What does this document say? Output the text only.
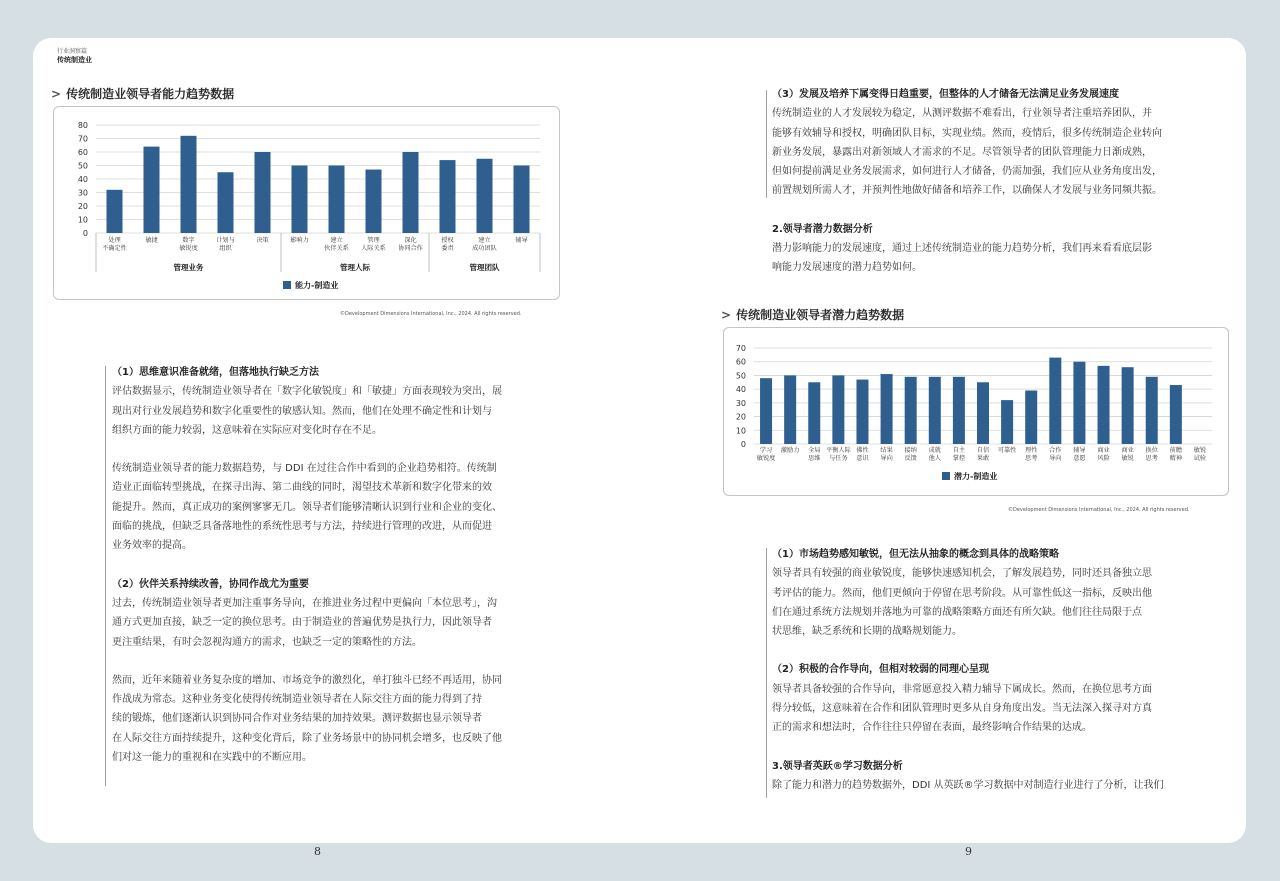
行业洞察篇
传统制造业
> 传统制造业领导者能力趋势数据
0
10
20
30
40
50
60
70
80
处理
不确定性
敏捷	数字
敏锐度
计划与
组织
决策	影响力	建立
伙伴关系
管理
人际关系
深化
协同合作
授权
委责
建立
成功团队
辅导
管理业务	管理人际	管理团队
能力-制造业
©Development Dimensions International, Inc., 2024. All rights reserved.

（1）思维意识准备就绪，但落地执行缺乏方法

评估数据显示，传统制造业领导者在「数字化敏锐度」和「敏捷」方面表现较为突出，展

现出对行业发展趋势和数字化重要性的敏感认知。然而，他们在处理不确定性和计划与

组织方面的能力较弱，这意味着在实际应对变化时存在不足。

传统制造业领导者的能力数据趋势，与 DDI 在过往合作中看到的企业趋势相符。传统制

造业正面临转型挑战，在探寻出海、第二曲线的同时，渴望技术革新和数字化带来的效

能提升。然而，真正成功的案例寥寥无几。领导者们能够清晰认识到行业和企业的变化、

面临的挑战，但缺乏具备落地性的系统性思考与方法，持续进行管理的改进，从而促进

业务效率的提高。

（2）伙伴关系持续改善，协同作战尤为重要

过去，传统制造业领导者更加注重事务导向，在推进业务过程中更偏向「本位思考」，沟

通方式更加直接，缺乏一定的换位思考。由于制造业的普遍优势是执行力，因此领导者

更注重结果，有时会忽视沟通方的需求，也缺乏一定的策略性的方法。

然而，近年来随着业务复杂度的增加、市场竞争的激烈化，单打独斗已经不再适用，协同

作战成为常态。这种业务变化使得传统制造业领导者在人际交往方面的能力得到了持

续的锻炼，他们逐渐认识到协同合作对业务结果的加持效果。测评数据也显示领导者

在人际交往方面持续提升，这种变化背后，除了业务场景中的协同机会增多，也反映了他

们对这一能力的重视和在实践中的不断应用。

8

（3）发展及培养下属变得日趋重要，但整体的人才储备无法满足业务发展速度

传统制造业的人才发展较为稳定，从测评数据不难看出，行业领导者注重培养团队，并

能够有效辅导和授权，明确团队目标，实现业绩。然而，疫情后，很多传统制造企业转向

新业务发展，暴露出对新领域人才需求的不足。尽管领导者的团队管理能力日渐成熟，

但如何提前满足业务发展需求，如何进行人才储备，仍需加强，我们应从业务角度出发，

前置规划所需人才，并预判性地做好储备和培养工作，以确保人才发展与业务同频共振。

2.领导者潜力数据分析

潜力影响能力的发展速度，通过上述传统制造业的能力趋势分析，我们再来看看底层影

响能力发展速度的潜力趋势如何。

> 传统制造业领导者潜力趋势数据
0
10
20
30
40
50
60
70
学习
敏锐度
激励力 全局
思维
平衡人际
与任务
佛性
意识
结果
导向
接纳
反馈
成就
他人
自主
掌控
自信
果敢
可靠性 理性
思考
合作
导向
辅导
意愿
商业
风险
商业
敏锐
换位
思考
前瞻
精神
敏锐
试验
潜力-制造业
©Development Dimensions International, Inc., 2024. All rights reserved.

（1）市场趋势感知敏锐，但无法从抽象的概念到具体的战略策略

领导者具有较强的商业敏锐度，能够快速感知机会，了解发展趋势，同时还具备独立思

考评估的能力。然而，他们更倾向于停留在思考阶段。从可靠性低这一指标，反映出他

们在通过系统方法规划并落地为可靠的战略策略方面还有所欠缺。他们往往局限于点

状思维，缺乏系统和长期的战略规划能力。

（2）积极的合作导向，但相对较弱的同理心呈现

领导者具备较强的合作导向，非常愿意投入精力辅导下属成长。然而，在换位思考方面

得分较低，这意味着在合作和团队管理时更多从自身角度出发。当无法深入探寻对方真

正的需求和想法时，合作往往只停留在表面，最终影响合作结果的达成。

3.领导者英跃®学习数据分析

除了能力和潜力的趋势数据外，DDI 从英跃®学习数据中对制造行业进行了分析，让我们

9
